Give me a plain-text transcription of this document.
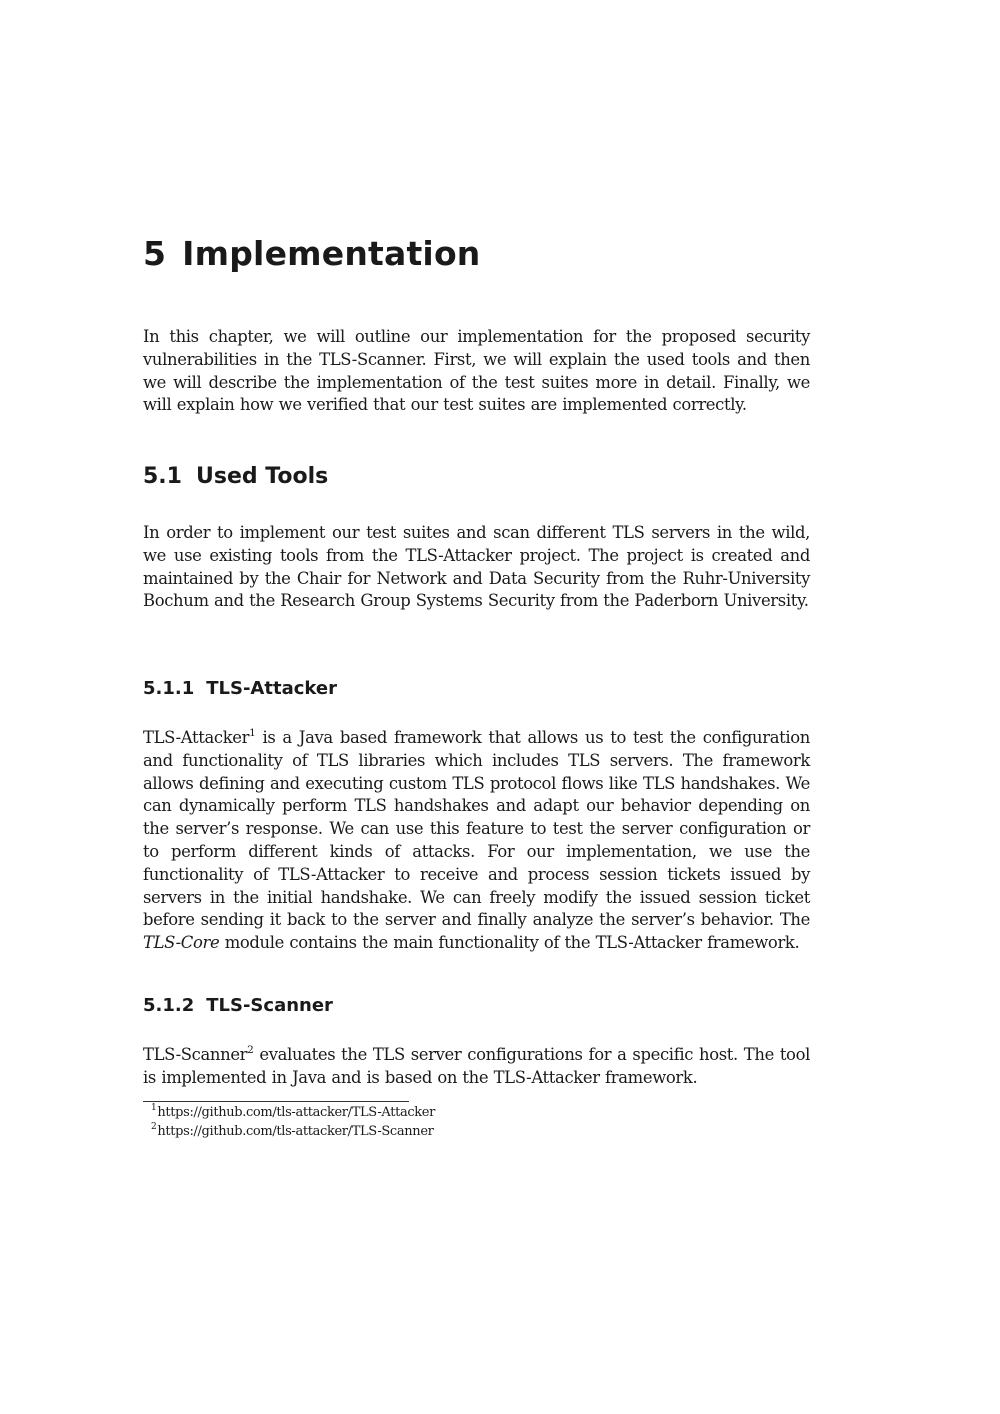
5 Implementation

In this chapter, we will outline our implementation for the proposed security vulnerabilities in the TLS-Scanner. First, we will explain the used tools and then we will describe the implementation of the test suites more in detail. Finally, we will explain how we verified that our test suites are implemented correctly.

5.1 Used Tools

In order to implement our test suites and scan different TLS servers in the wild, we use existing tools from the TLS-Attacker project. The project is created and maintained by the Chair for Network and Data Security from the Ruhr-University Bochum and the Research Group Systems Security from the Paderborn University.

5.1.1 TLS-Attacker

TLS-Attacker$^1$ is a Java based framework that allows us to test the configuration and functionality of TLS libraries which includes TLS servers. The framework allows defining and executing custom TLS protocol flows like TLS handshakes. We can dynamically perform TLS handshakes and adapt our behavior depending on the server’s response. We can use this feature to test the server configuration or to perform different kinds of attacks. For our implementation, we use the functionality of TLS-Attacker to receive and process session tickets issued by servers in the initial handshake. We can freely modify the issued session ticket before sending it back to the server and finally analyze the server’s behavior. The TLS-Core module contains the main functionality of the TLS-Attacker framework.

5.1.2 TLS-Scanner

TLS-Scanner$^2$ evaluates the TLS server configurations for a specific host. The tool is implemented in Java and is based on the TLS-Attacker framework.

$^1$https://github.com/tls-attacker/TLS-Attacker

$^2$https://github.com/tls-attacker/TLS-Scanner
